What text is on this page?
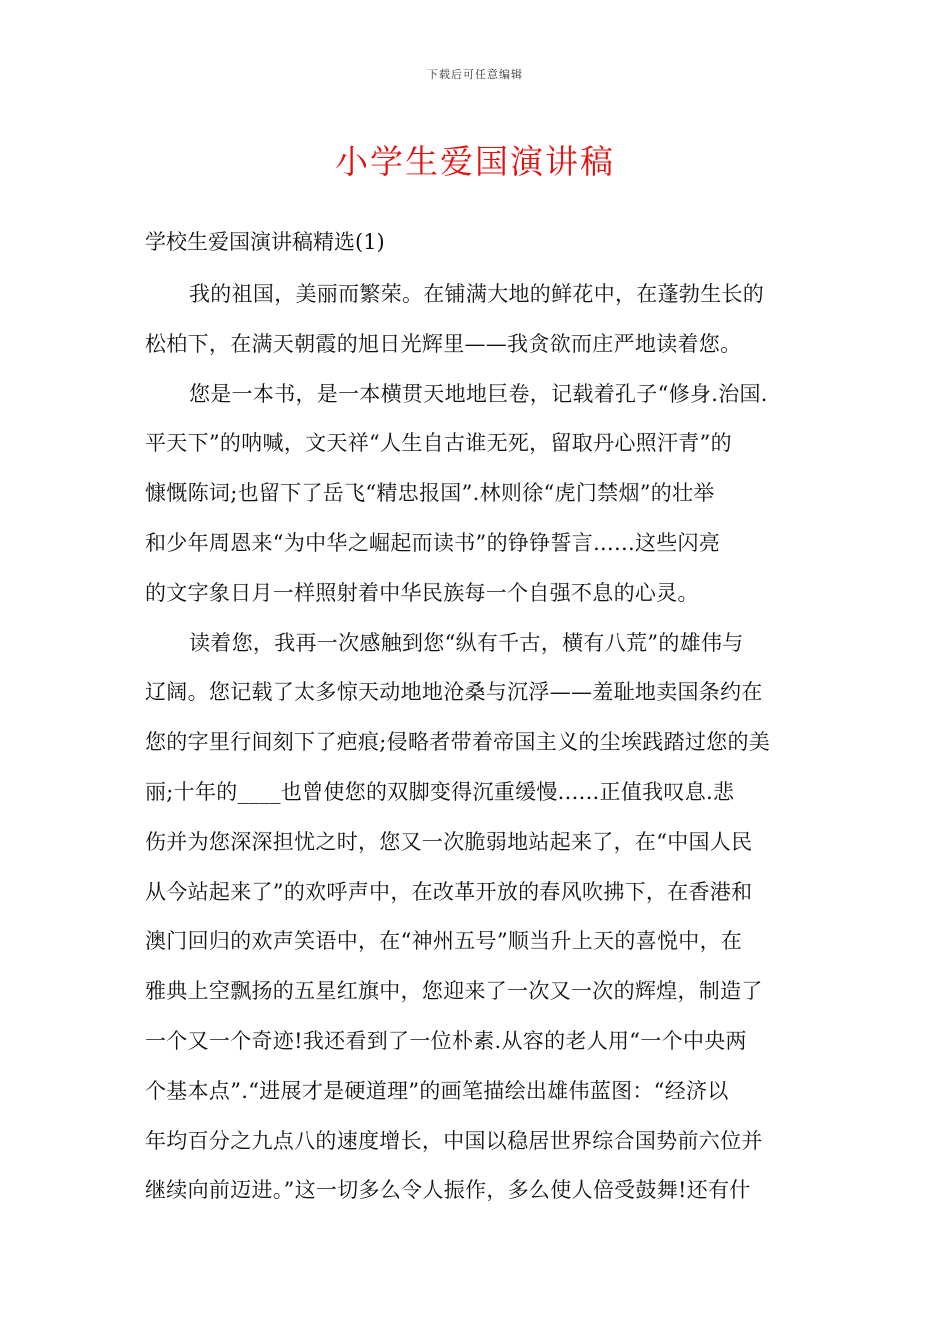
下载后可任意编辑
小学生爱国演讲稿
学校生爱国演讲稿精选(1)
我的祖国，美丽而繁荣。在铺满大地的鲜花中，在蓬勃生长的
松柏下，在满天朝霞的旭日光辉里——我贪欲而庄严地读着您。
您是一本书，是一本横贯天地地巨卷，记载着孔子“修身.治国.
平天下”的呐喊，文天祥“人生自古谁无死，留取丹心照汗青”的
慷慨陈词;也留下了岳飞“精忠报国”.林则徐“虎门禁烟”的壮举
和少年周恩来“为中华之崛起而读书”的铮铮誓言......这些闪亮
的文字象日月一样照射着中华民族每一个自强不息的心灵。
读着您，我再一次感触到您“纵有千古，横有八荒”的雄伟与
辽阔。您记载了太多惊天动地地沧桑与沉浮——羞耻地卖国条约在
您的字里行间刻下了疤痕;侵略者带着帝国主义的尘埃践踏过您的美
丽;十年的____也曾使您的双脚变得沉重缓慢......正值我叹息.悲
伤并为您深深担忧之时，您又一次脆弱地站起来了，在“中国人民
从今站起来了”的欢呼声中，在改革开放的春风吹拂下，在香港和
澳门回归的欢声笑语中，在“神州五号”顺当升上天的喜悦中，在
雅典上空飘扬的五星红旗中，您迎来了一次又一次的辉煌，制造了
一个又一个奇迹!我还看到了一位朴素.从容的老人用“一个中央两
个基本点”.“进展才是硬道理”的画笔描绘出雄伟蓝图：“经济以
年均百分之九点八的速度增长，中国以稳居世界综合国势前六位并
继续向前迈进。”这一切多么令人振作，多么使人倍受鼓舞!还有什
